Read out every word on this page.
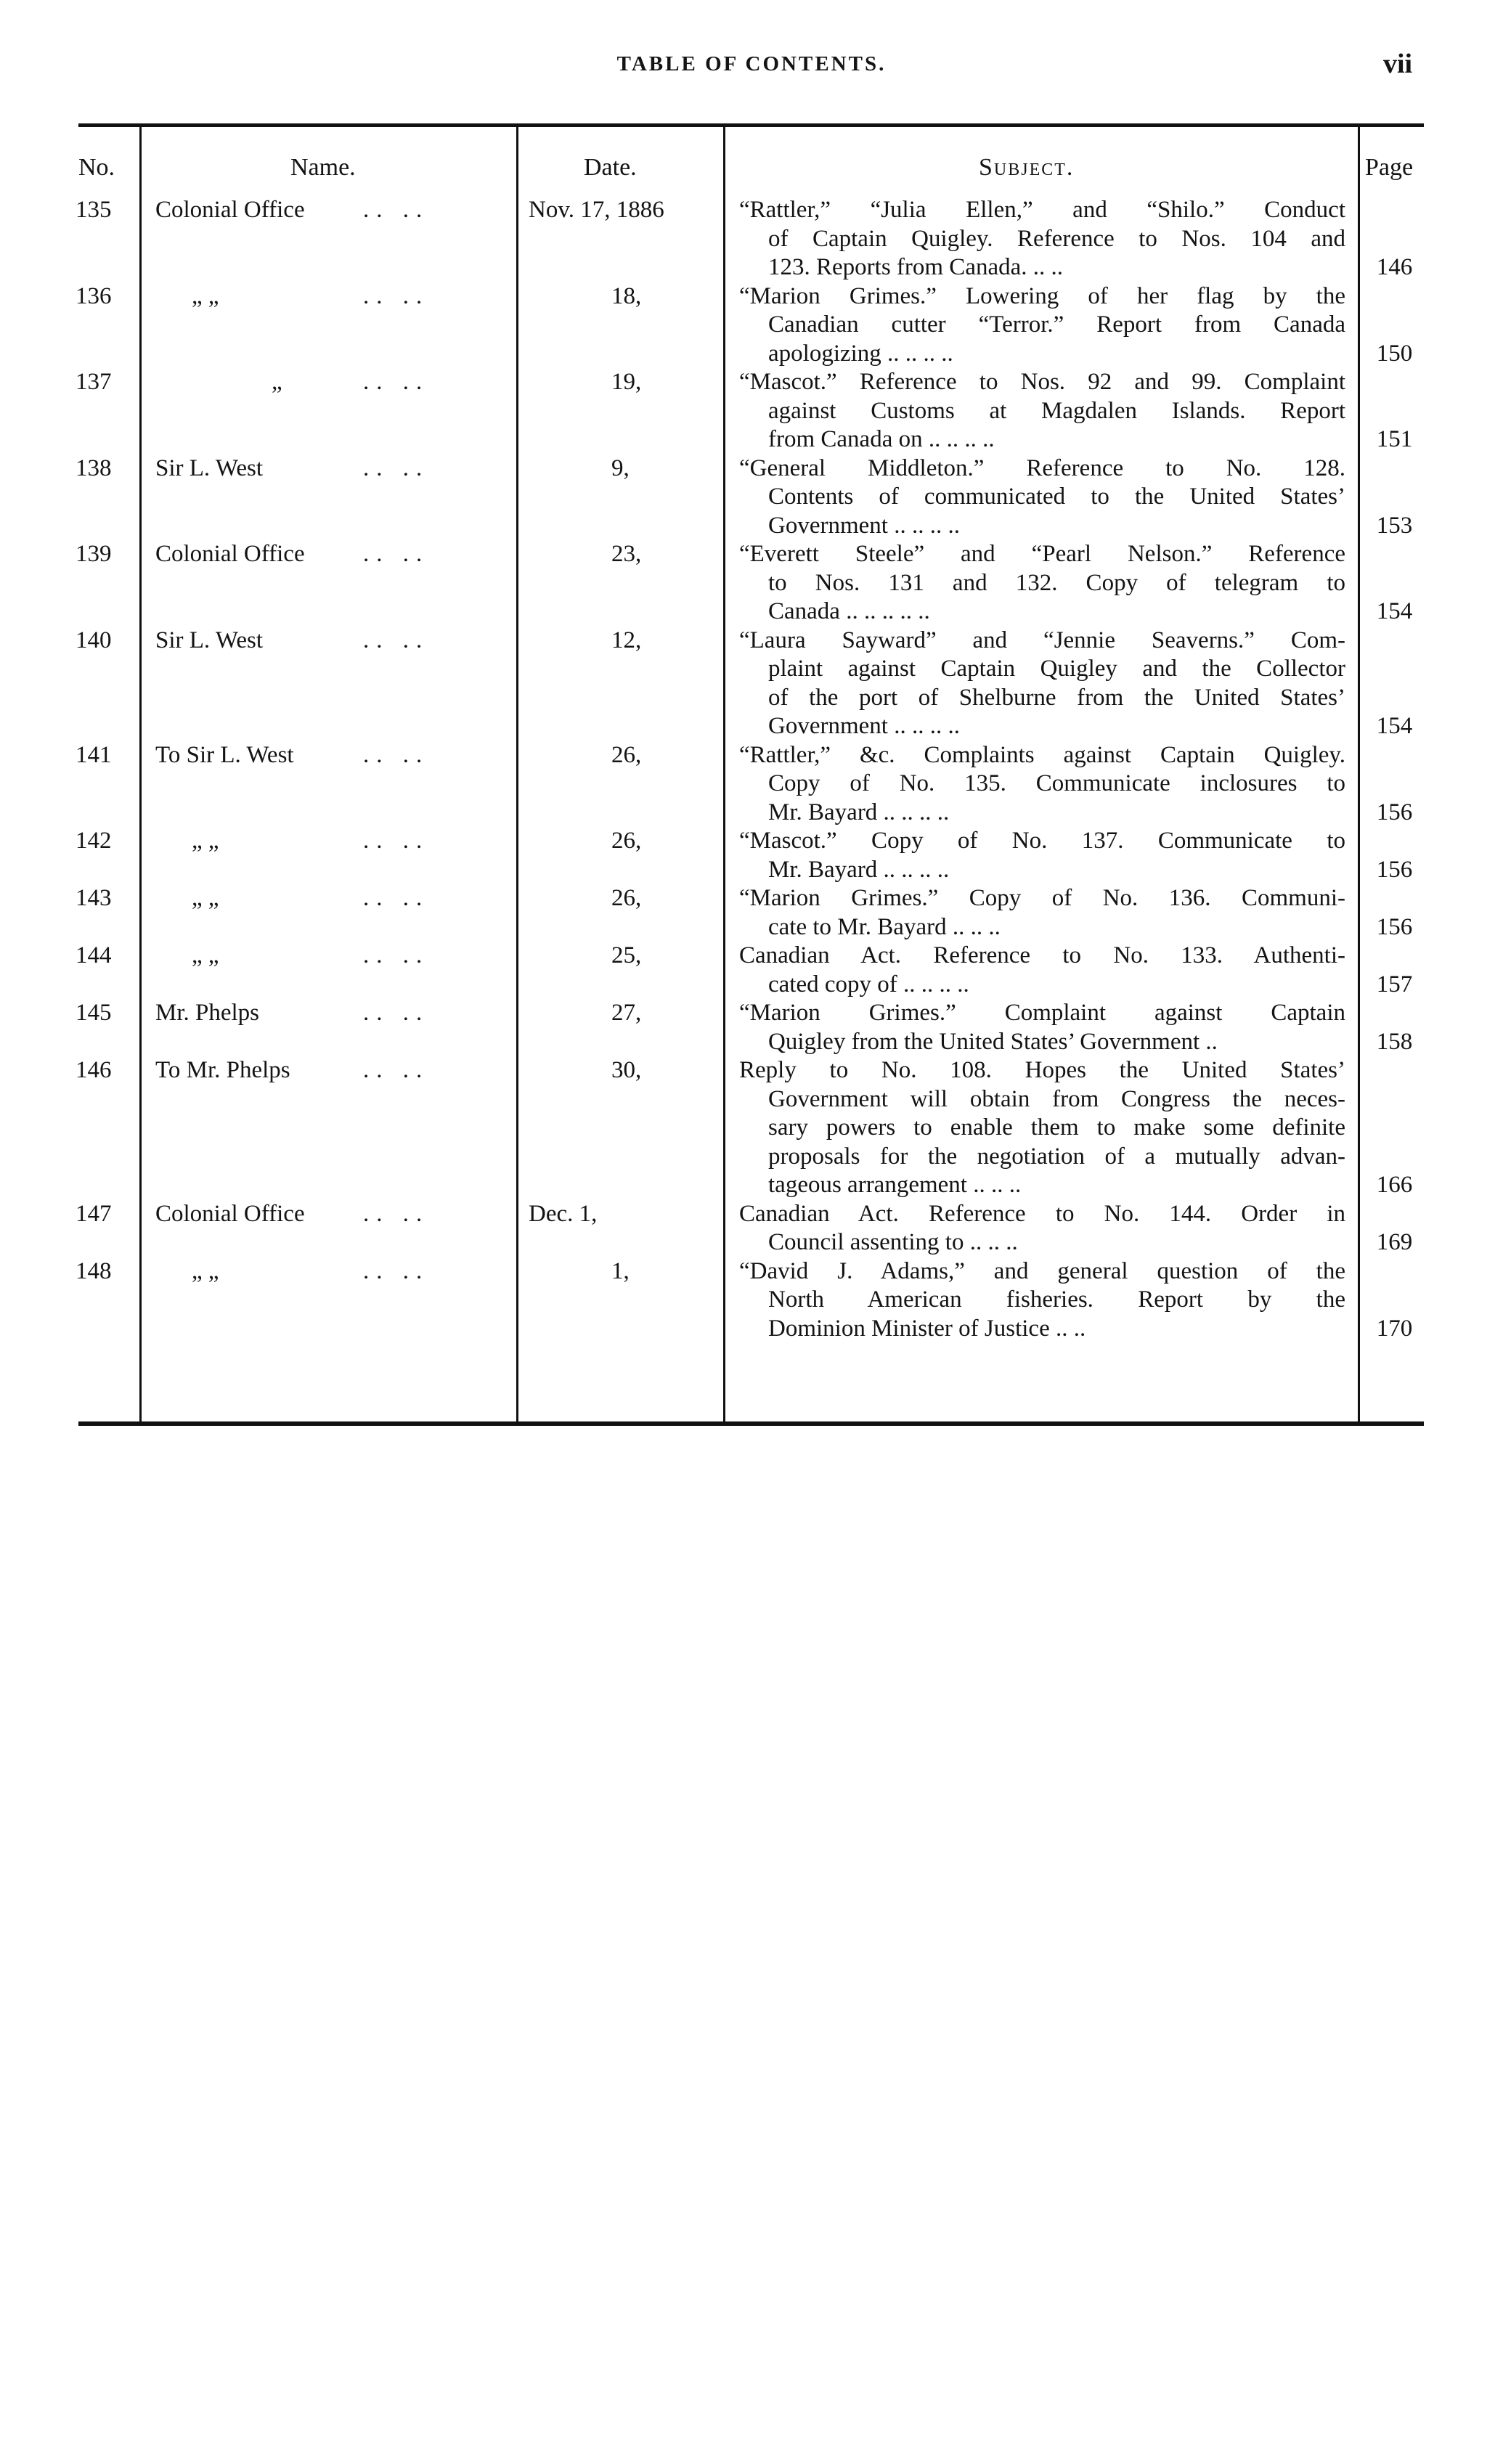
TABLE OF CONTENTS.	vii
No.	Name.	Date.	Subject.	Page
135	Colonial Office	.. ..	Nov. 17, 1886	“Rattler,” “Julia Ellen,” and “Shilo.” Conduct
of Captain Quigley. Reference to Nos. 104 and
123. Reports from Canada. .. ..	146
136	„ „	.. ..	18,	“Marion Grimes.” Lowering of her flag by the
Canadian cutter “Terror.” Report from Canada
apologizing .. .. .. ..	150
137	„	.. ..	19,	“Mascot.” Reference to Nos. 92 and 99. Complaint
against Customs at Magdalen Islands. Report
from Canada on .. .. .. ..	151
138	Sir L. West	.. ..	9,	“General Middleton.” Reference to No. 128.
Contents of communicated to the United States’
Government .. .. .. ..	153
139	Colonial Office	.. ..	23,	“Everett Steele” and “Pearl Nelson.” Reference
to Nos. 131 and 132. Copy of telegram to
Canada .. .. .. .. ..	154
140	Sir L. West	.. ..	12,	“Laura Sayward” and “Jennie Seaverns.” Com-
plaint against Captain Quigley and the Collector
of the port of Shelburne from the United States’
Government .. .. .. ..	154
141	To Sir L. West	.. ..	26,	“Rattler,” &c. Complaints against Captain Quigley.
Copy of No. 135. Communicate inclosures to
Mr. Bayard .. .. .. ..	156
142	„ „	.. ..	26,	“Mascot.” Copy of No. 137. Communicate to
Mr. Bayard .. .. .. ..	156
143	„ „	.. ..	26,	“Marion Grimes.” Copy of No. 136. Communi-
cate to Mr. Bayard .. .. ..	156
144	„ „	.. ..	25,	Canadian Act. Reference to No. 133. Authenti-
cated copy of .. .. .. ..	157
145	Mr. Phelps	.. ..	27,	“Marion Grimes.” Complaint against Captain
Quigley from the United States’ Government ..	158
146	To Mr. Phelps	.. ..	30,	Reply to No. 108. Hopes the United States’
Government will obtain from Congress the neces-
sary powers to enable them to make some definite
proposals for the negotiation of a mutually advan-
tageous arrangement .. .. ..	166
147	Colonial Office	.. ..	Dec. 1,	Canadian Act. Reference to No. 144. Order in
Council assenting to .. .. ..	169
148	„ „	.. ..	1,	“David J. Adams,” and general question of the
North American fisheries. Report by the
Dominion Minister of Justice .. ..	170
